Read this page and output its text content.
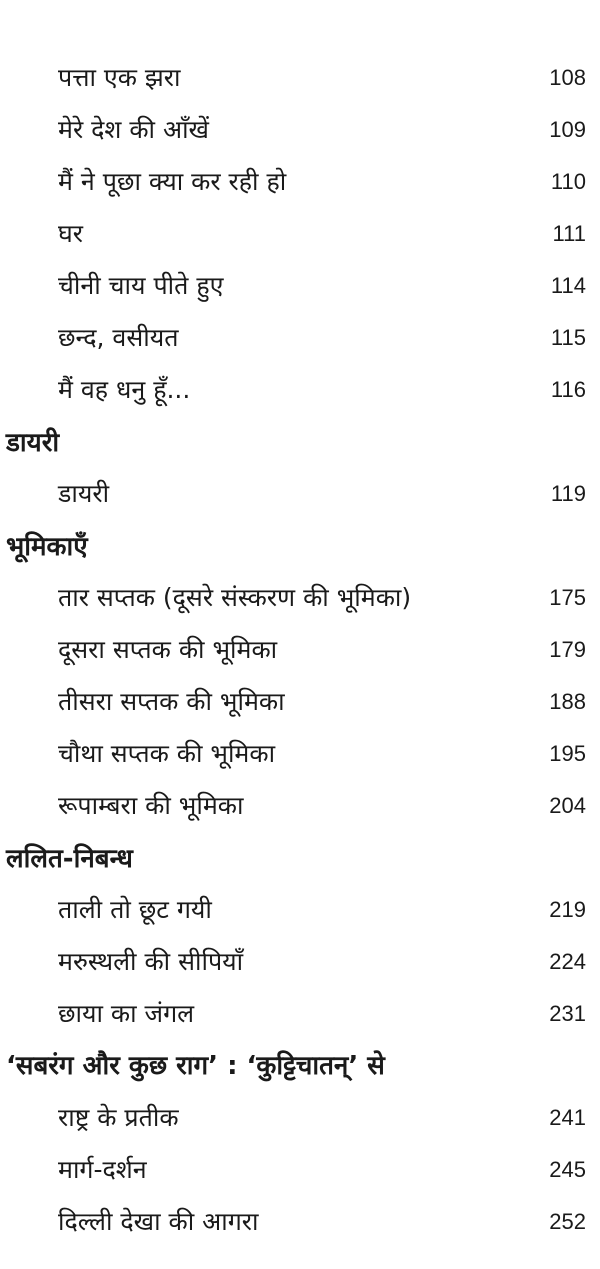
पत्ता एक झरा	108
मेरे देश की आँखें	109
मैं ने पूछा क्या कर रही हो	110
घर	111
चीनी चाय पीते हुए	114
छन्द, वसीयत	115
मैं वह धनु हूँ...	116
डायरी
डायरी	119
भूमिकाएँ
तार सप्तक (दूसरे संस्करण की भूमिका)	175
दूसरा सप्तक की भूमिका	179
तीसरा सप्तक की भूमिका	188
चौथा सप्तक की भूमिका	195
रूपाम्बरा की भूमिका	204
ललित-निबन्ध
ताली तो छूट गयी	219
मरुस्थली की सीपियाँ	224
छाया का जंगल	231
‘सबरंग और कुछ राग’ : ‘कुट्टिचातन्’ से
राष्ट्र के प्रतीक	241
मार्ग-दर्शन	245
दिल्ली देखा की आगरा	252
